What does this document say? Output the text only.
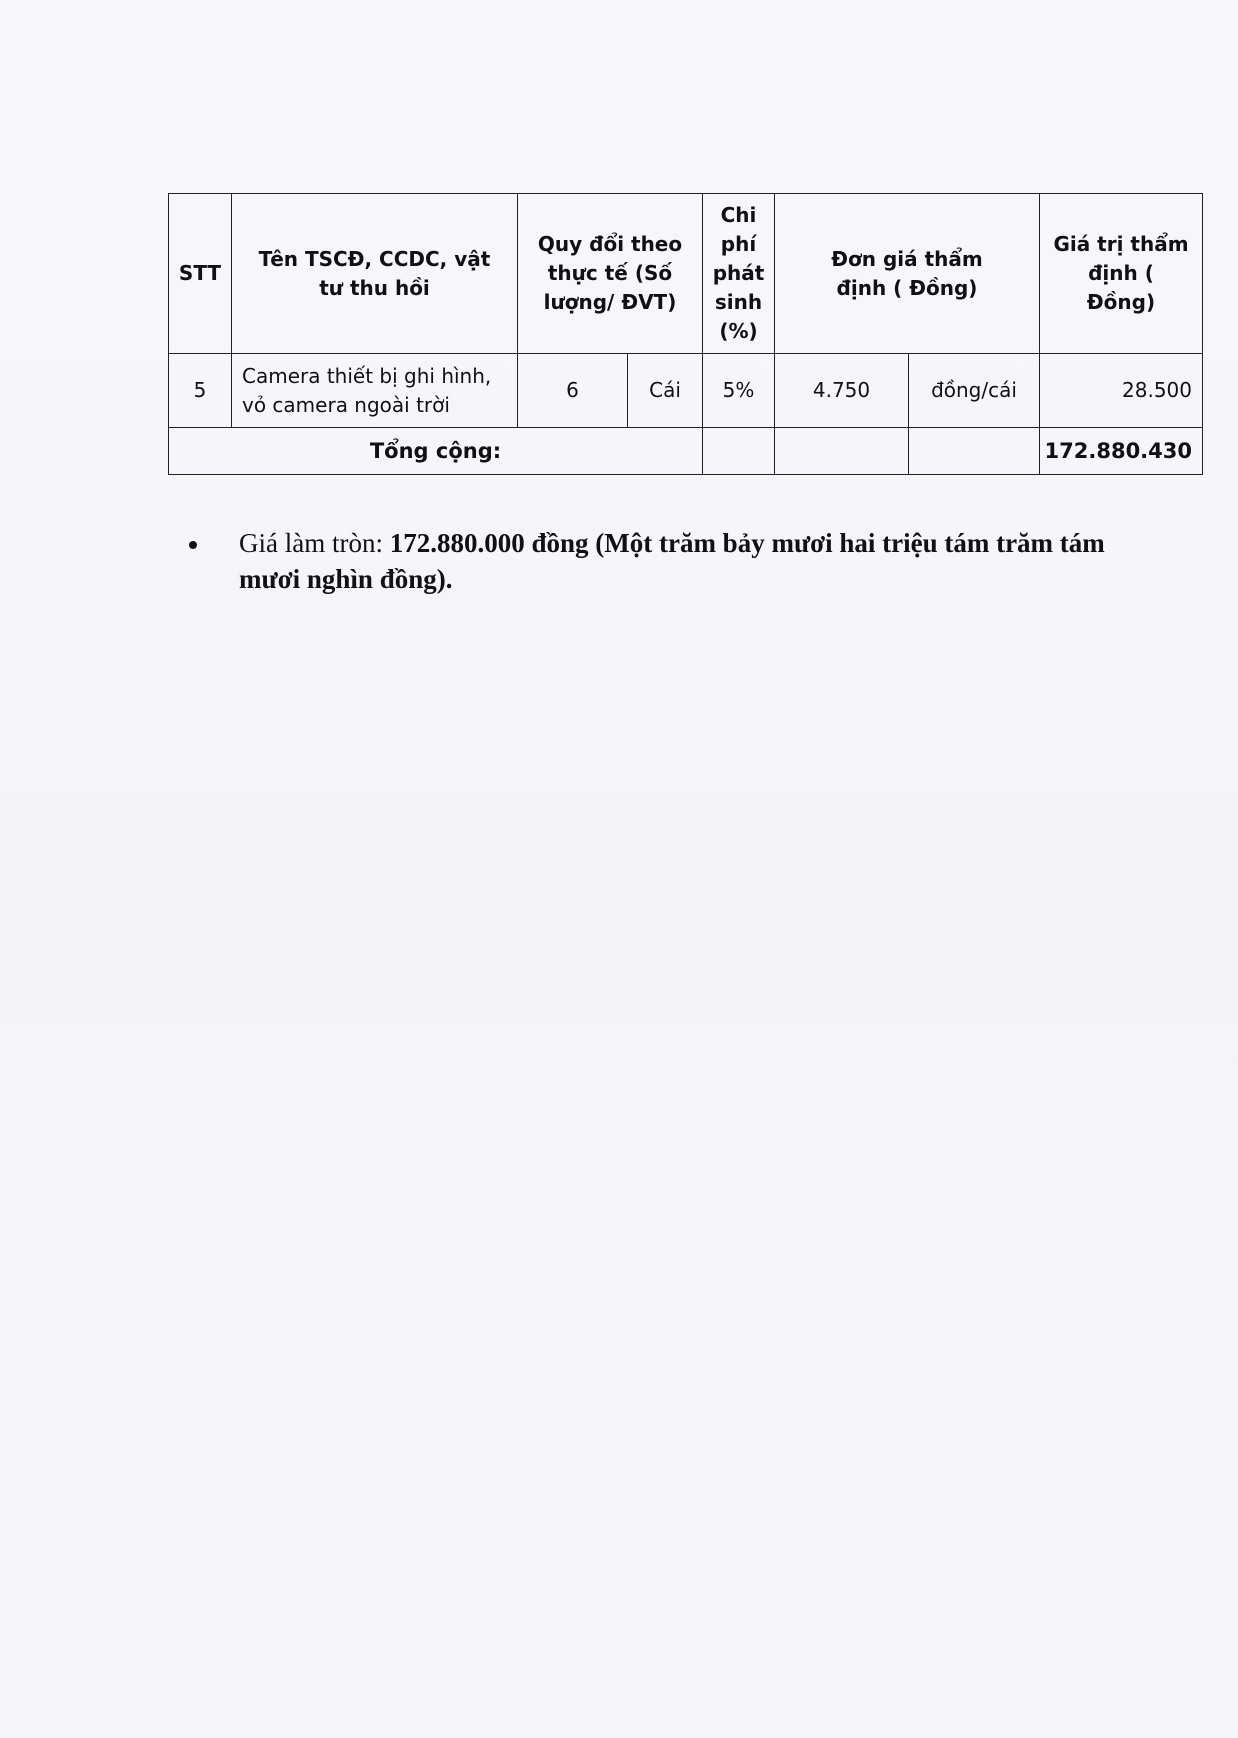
STT	Tên TSCĐ, CCDC, vật tư thu hồi	Quy đổi theo thực tế (Số lượng/ ĐVT)		Chi phí phát sinh (%)	Đơn giá thẩm định ( Đồng)		Giá trị thẩm định ( Đồng)
5	Camera thiết bị ghi hình, vỏ camera ngoài trời	6	Cái	5%	4.750	đồng/cái	28.500
Tổng cộng:							172.880.430
Giá làm tròn: 172.880.000 đồng (Một trăm bảy mươi hai triệu tám trăm tám mươi nghìn đồng).
